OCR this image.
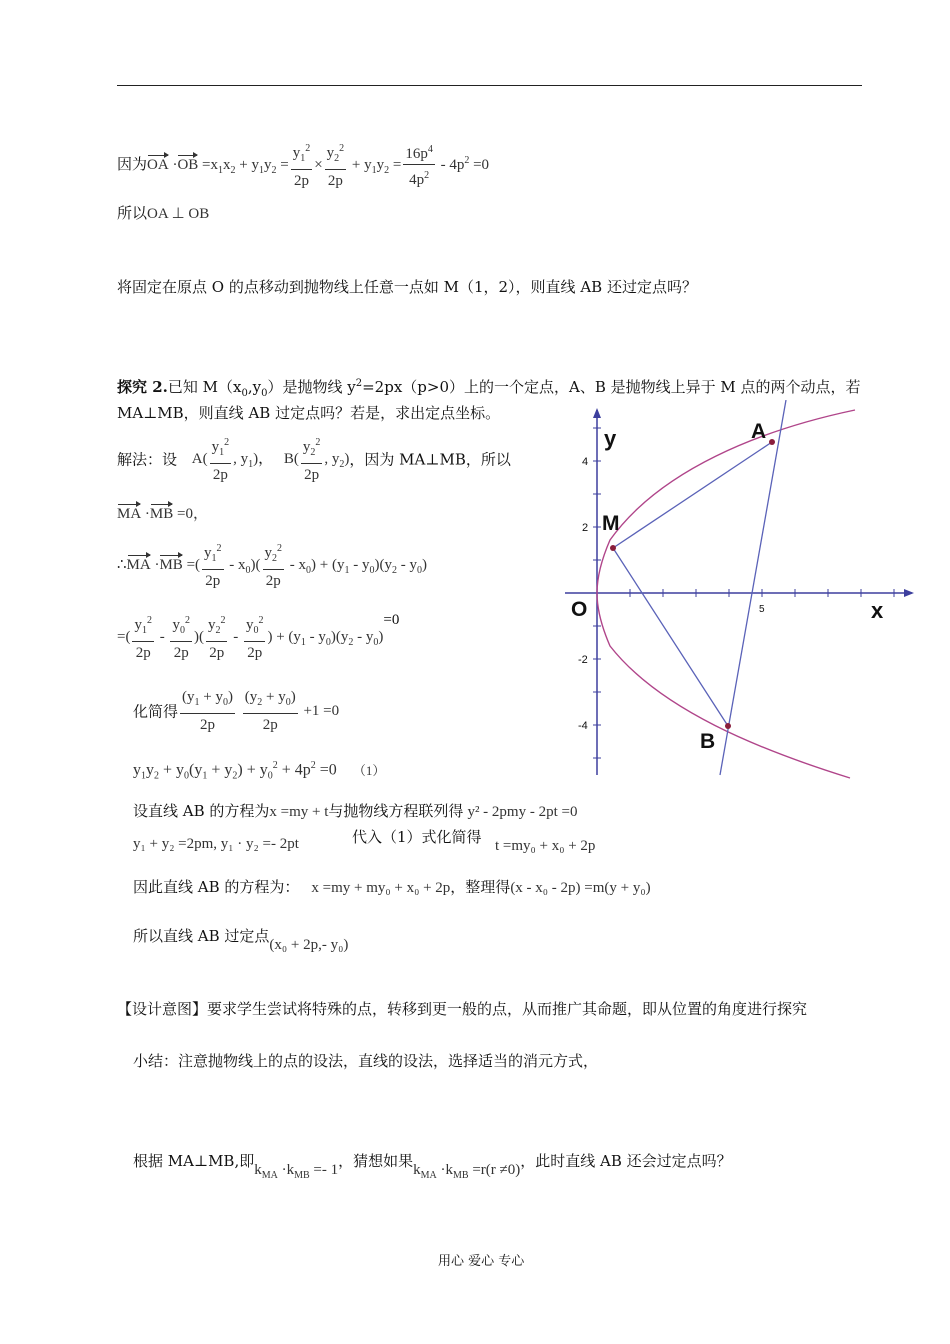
因为OA $\cdot OB =x_1x_2 + y_1y_2 = \frac{y_1^2}{2p} \times \frac{y_2^2}{2p} + y_1y_2 = \frac{16p^4}{4p^2} - 4p^2 =0$
所以OA ⊥ OB
将固定在原点 O 的点移动到抛物线上任意一点如 M（1，2），则直线 AB 还过定点吗？
探究 2.已知 $M(x_0,y_0)$是抛物线 $y^2=2px(p>0)$上的一个定点，A、B 是抛物线上异于 M 点的两个动点，若
MA⊥MB，则直线 AB 过定点吗？若是，求出定点坐标。
解法：设 $A( \frac{y_1^2}{2p}$ , $y_1$)， $B( \frac{y_2^2}{2p}$ , $y_2$)，因为 MA⊥MB，所以
MA ·MB =0，
∴MA ·MB =( $\frac{y_1^2}{2p} - x_0)( \frac{y_2^2}{2p} - x_0) + (y_1 - y_0)(y_2 - y_0)$
=( $\frac{y_1^2}{2p} - \frac{y_0^2}{2p}$ )( $\frac{y_2^2}{2p} - \frac{y_0^2}{2p}$ ) + $(y_1 - y_0)(y_2 - y_0)=0$
化简得 $\frac{(y_1 + y_0)}{2p}$
$\frac{(y_2 + y_0)}{2p} +1 =0$
$y_1y_2 + y_0(y_1 + y_2) + y_0^2 + 4p^2 =0$ $^{(1)}$
设直线 AB 的方程为x =my + t与抛物线方程联列得 y² - 2pmy - 2pt =0
y₁ + y₂ =2pm, y₁ · y₂ =- 2pt	代入（1）式化简得 t =my₀ + x₀ + 2p
因此直线 AB 的方程为： x =my + my₀ + x₀ + 2p，整理得(x - x₀ - 2p) =m(y + y₀)
所以直线 AB 过定点(x₀ + 2p,- y₀)
【设计意图】要求学生尝试将特殊的点，转移到更一般的点，从而推广其命题，即从位置的角度进行探究
小结：注意抛物线上的点的设法，直线的设法，选择适当的消元方式，
根据 MA⊥MB,即$k_{MA} \cdot k_{MB} =- 1$，猜想如果$k_{MA} \cdot k_{MB} =r(r \ne 0)$，此时直线 AB 还会过定点吗？
用心 爱心 专心
y
x
O
A
M
B
4
2
-2
-4
5
